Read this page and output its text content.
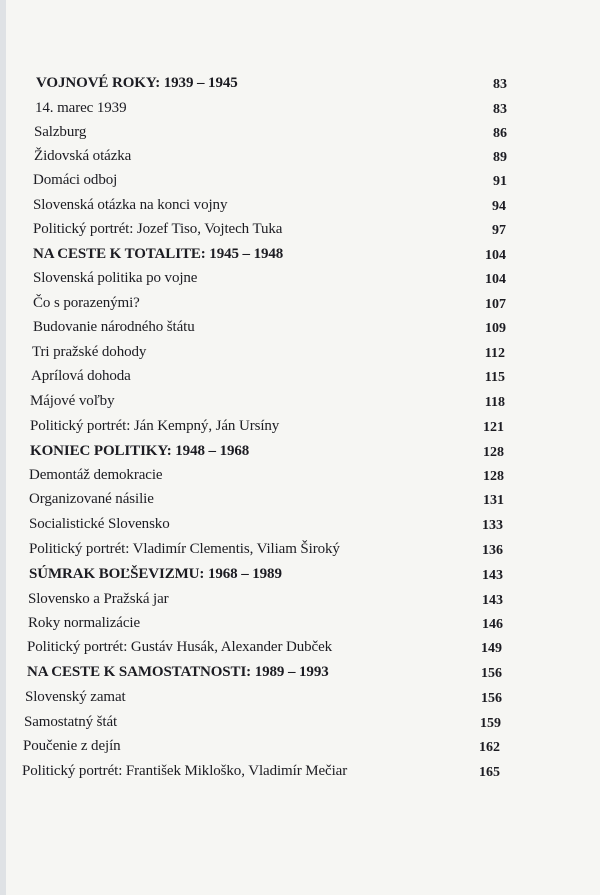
VOJNOVÉ ROKY: 1939 – 1945	83
14. marec 1939	83
Salzburg	86
Židovská otázka	89
Domáci odboj	91
Slovenská otázka na konci vojny	94
Politický portrét: Jozef Tiso, Vojtech Tuka	97
NA CESTE K TOTALITE: 1945 – 1948	104
Slovenská politika po vojne	104
Čo s porazenými?	107
Budovanie národného štátu	109
Tri pražské dohody	112
Aprílová dohoda	115
Májové voľby	118
Politický portrét: Ján Kempný, Ján Ursíny	121
KONIEC POLITIKY: 1948 – 1968	128
Demontáž demokracie	128
Organizované násilie	131
Socialistické Slovensko	133
Politický portrét: Vladimír Clementis, Viliam Široký	136
SÚMRAK BOĽŠEVIZMU: 1968 – 1989	143
Slovensko a Pražská jar	143
Roky normalizácie	146
Politický portrét: Gustáv Husák, Alexander Dubček	149
NA CESTE K SAMOSTATNOSTI: 1989 – 1993	156
Slovenský zamat	156
Samostatný štát	159
Poučenie z dejín	162
Politický portrét: František Mikloško, Vladimír Mečiar	165
